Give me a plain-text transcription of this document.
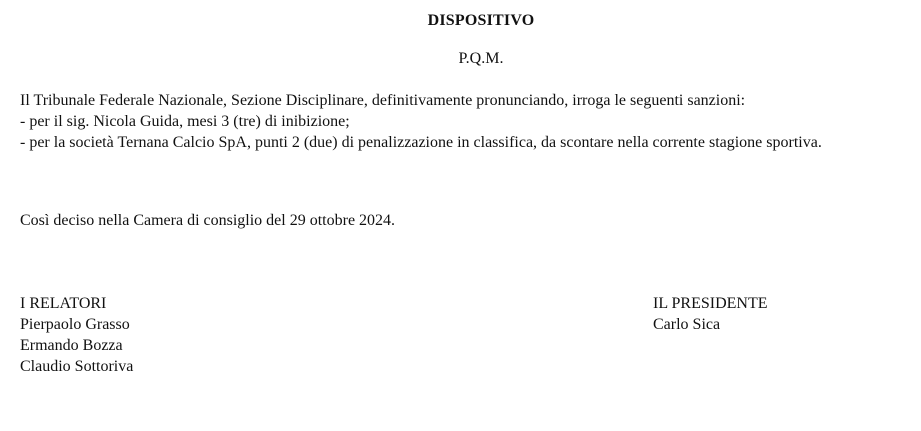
DISPOSITIVO
P.Q.M.
Il Tribunale Federale Nazionale, Sezione Disciplinare, definitivamente pronunciando, irroga le seguenti sanzioni:
- per il sig. Nicola Guida, mesi 3 (tre) di inibizione;
- per la società Ternana Calcio SpA, punti 2 (due) di penalizzazione in classifica, da scontare nella corrente stagione sportiva.
Così deciso nella Camera di consiglio del 29 ottobre 2024.
I RELATORI
Pierpaolo Grasso
Ermando Bozza
Claudio Sottoriva
IL PRESIDENTE
Carlo Sica
